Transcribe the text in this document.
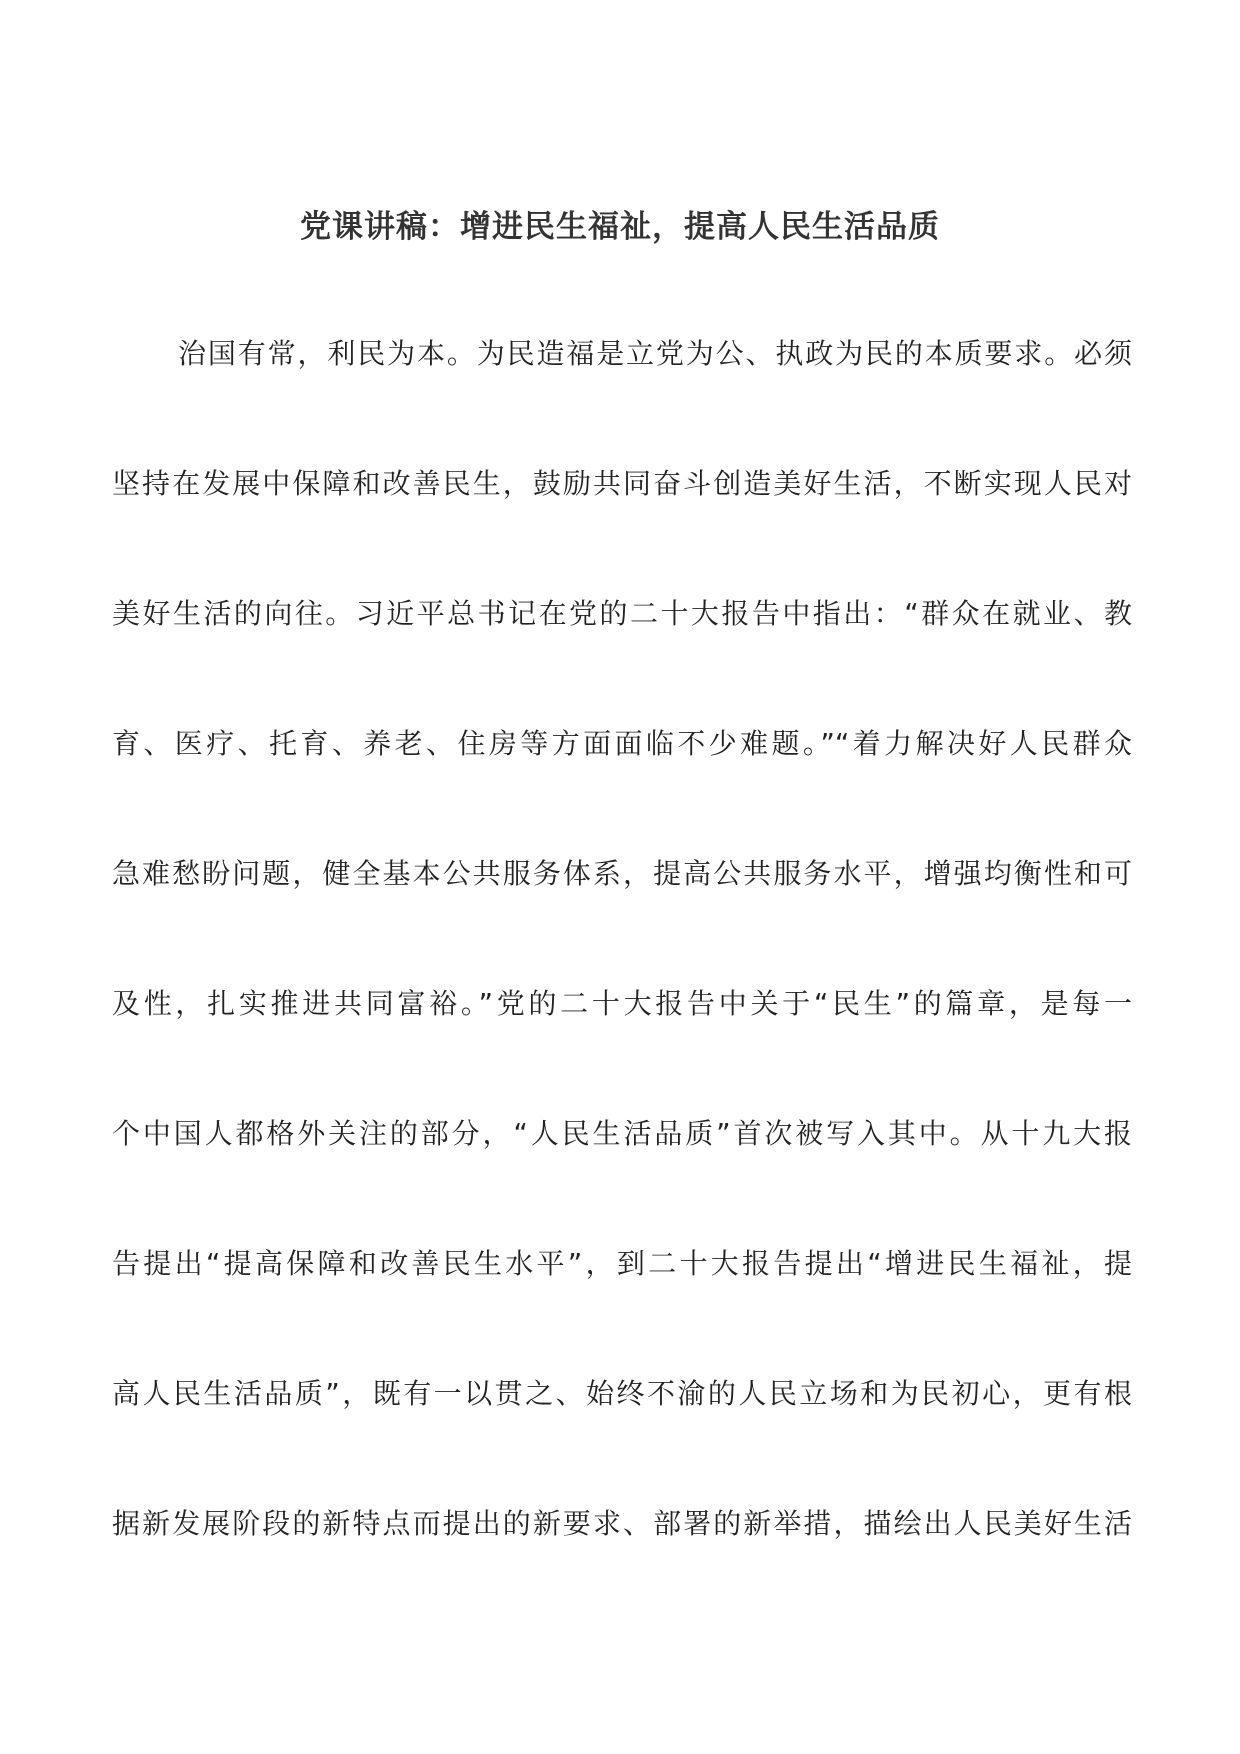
党课讲稿：增进民生福祉，提高人民生活品质
治国有常，利民为本。为民造福是立党为公、执政为民的本质要求。必须
坚持在发展中保障和改善民生，鼓励共同奋斗创造美好生活，不断实现人民对
美好生活的向往。习近平总书记在党的二十大报告中指出：“群众在就业、教
育、医疗、托育、养老、住房等方面面临不少难题。”“着力解决好人民群众
急难愁盼问题，健全基本公共服务体系，提高公共服务水平，增强均衡性和可
及性，扎实推进共同富裕。”党的二十大报告中关于“民生”的篇章，是每一
个中国人都格外关注的部分，“人民生活品质”首次被写入其中。从十九大报
告提出“提高保障和改善民生水平”，到二十大报告提出“增进民生福祉，提
高人民生活品质”，既有一以贯之、始终不渝的人民立场和为民初心，更有根
据新发展阶段的新特点而提出的新要求、部署的新举措，描绘出人民美好生活
